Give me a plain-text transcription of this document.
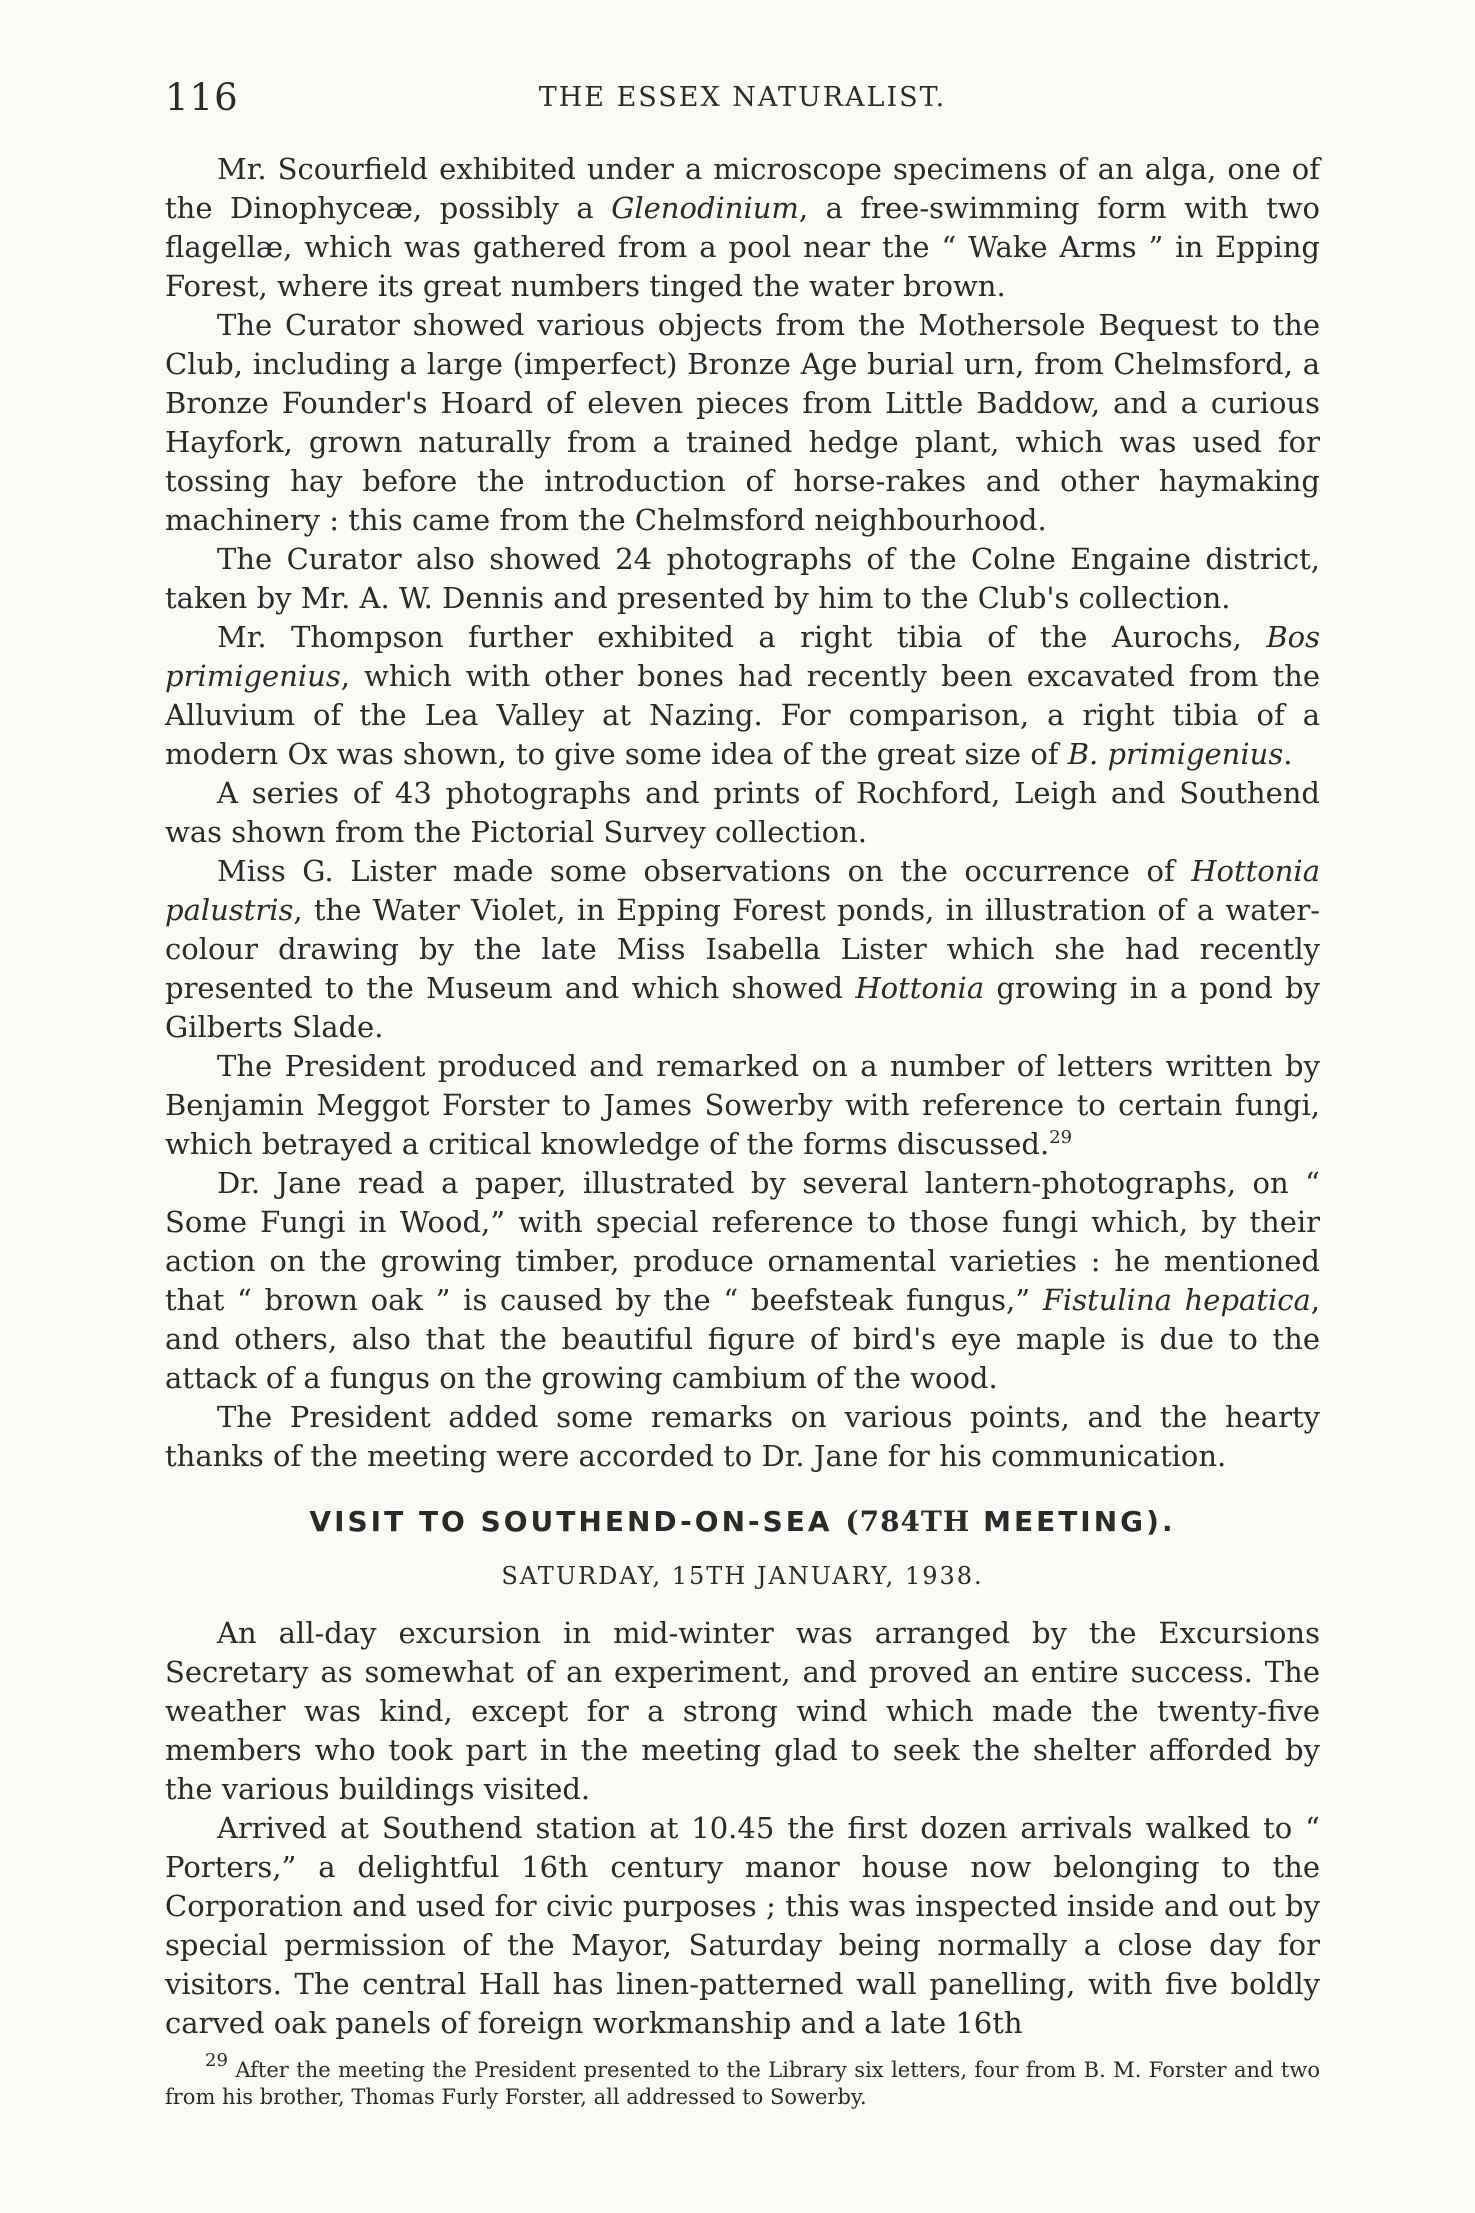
116	THE ESSEX NATURALIST.

Mr. Scourfield exhibited under a microscope specimens of an alga, one of the Dinophyceæ, possibly a Glenodinium, a free-swimming form with two flagellæ, which was gathered from a pool near the “ Wake Arms ” in Epping Forest, where its great numbers tinged the water brown.

The Curator showed various objects from the Mothersole Bequest to the Club, including a large (imperfect) Bronze Age burial urn, from Chelmsford, a Bronze Founder's Hoard of eleven pieces from Little Baddow, and a curious Hayfork, grown naturally from a trained hedge plant, which was used for tossing hay before the introduction of horse-rakes and other haymaking machinery : this came from the Chelmsford neighbourhood.

The Curator also showed 24 photographs of the Colne Engaine district, taken by Mr. A. W. Dennis and presented by him to the Club's collection.

Mr. Thompson further exhibited a right tibia of the Aurochs, Bos primigenius, which with other bones had recently been excavated from the Alluvium of the Lea Valley at Nazing. For comparison, a right tibia of a modern Ox was shown, to give some idea of the great size of B. primigenius.

A series of 43 photographs and prints of Rochford, Leigh and Southend was shown from the Pictorial Survey collection.

Miss G. Lister made some observations on the occurrence of Hottonia palustris, the Water Violet, in Epping Forest ponds, in illustration of a water-colour drawing by the late Miss Isabella Lister which she had recently presented to the Museum and which showed Hottonia growing in a pond by Gilberts Slade.

The President produced and remarked on a number of letters written by Benjamin Meggot Forster to James Sowerby with reference to certain fungi, which betrayed a critical knowledge of the forms discussed.$^{29}$

Dr. Jane read a paper, illustrated by several lantern-photographs, on “ Some Fungi in Wood,” with special reference to those fungi which, by their action on the growing timber, produce ornamental varieties : he mentioned that “ brown oak ” is caused by the “ beefsteak fungus,” Fistulina hepatica, and others, also that the beautiful figure of bird's eye maple is due to the attack of a fungus on the growing cambium of the wood.

The President added some remarks on various points, and the hearty thanks of the meeting were accorded to Dr. Jane for his communication.

VISIT TO SOUTHEND-ON-SEA (784TH MEETING).
SATURDAY, 15TH JANUARY, 1938.

An all-day excursion in mid-winter was arranged by the Excursions Secretary as somewhat of an experiment, and proved an entire success. The weather was kind, except for a strong wind which made the twenty-five members who took part in the meeting glad to seek the shelter afforded by the various buildings visited.

Arrived at Southend station at 10.45 the first dozen arrivals walked to “ Porters,” a delightful 16th century manor house now belonging to the Corporation and used for civic purposes ; this was inspected inside and out by special permission of the Mayor, Saturday being normally a close day for visitors. The central Hall has linen-patterned wall panelling, with five boldly carved oak panels of foreign workmanship and a late 16th

$^{29}$ After the meeting the President presented to the Library six letters, four from B. M. Forster and two from his brother, Thomas Furly Forster, all addressed to Sowerby.
